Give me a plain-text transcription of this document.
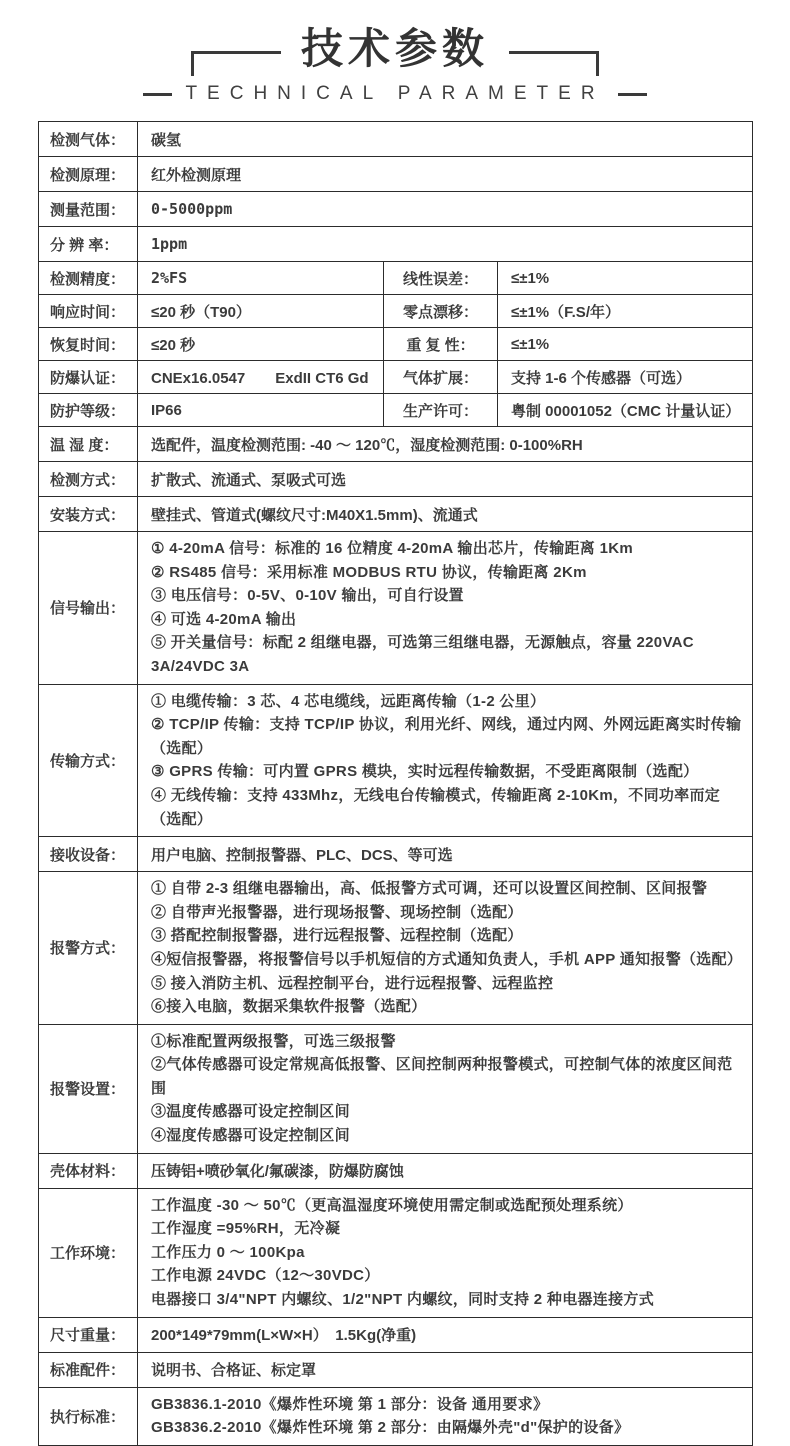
技术参数
TECHNICAL PARAMETER
检测气体：	碳氢		
检测原理：	红外检测原理		
测量范围：	0-5000ppm		
分 辨 率：	1ppm		
检测精度：	2%FS	线性误差：	≤±1%
响应时间：	≤20 秒（T90）	零点漂移：	≤±1%（F.S/年）
恢复时间：	≤20 秒	重 复 性：	≤±1%
防爆认证：	CNEx16.0547　　ExdII CT6 Gd	气体扩展：	支持 1-6 个传感器（可选）
防护等级：	IP66	生产许可：	粤制 00001052（CMC 计量认证）
温 湿 度：	选配件，温度检测范围: -40 ～ 120℃，湿度检测范围: 0-100%RH		
检测方式：	扩散式、流通式、泵吸式可选		
安装方式：	壁挂式、管道式(螺纹尺寸:M40X1.5mm)、流通式		
信号输出：	① 4-20mA 信号：标准的 16 位精度 4-20mA 输出芯片，传输距离 1Km
② RS485 信号：采用标准 MODBUS RTU 协议，传输距离 2Km
③ 电压信号：0-5V、0-10V 输出，可自行设置
④ 可选 4-20mA 输出
⑤ 开关量信号：标配 2 组继电器，可选第三组继电器，无源触点，容量 220VAC 3A/24VDC 3A		

传输方式：	① 电缆传输：3 芯、4 芯电缆线，远距离传输（1-2 公里）
② TCP/IP 传输：支持 TCP/IP 协议，利用光纤、网线，通过内网、外网远距离实时传输（选配）
③ GPRS 传输：可内置 GPRS 模块，实时远程传输数据，不受距离限制（选配）
④ 无线传输：支持 433Mhz，无线电台传输模式，传输距离 2-10Km，不同功率而定（选配）		

接收设备：	用户电脑、控制报警器、PLC、DCS、等可选		
报警方式：	
① 自带 2-3 组继电器输出，高、低报警方式可调，还可以设置区间控制、区间报警
② 自带声光报警器，进行现场报警、现场控制（选配）
③ 搭配控制报警器，进行远程报警、远程控制（选配）
④短信报警器，将报警信号以手机短信的方式通知负责人，手机 APP 通知报警（选配）
⑤ 接入消防主机、远程控制平台，进行远程报警、远程监控
⑥接入电脑，数据采集软件报警（选配）

报警设置：	①标准配置两级报警，可选三级报警
②气体传感器可设定常规高低报警、区间控制两种报警模式，可控制气体的浓度区间范围
③温度传感器可设定控制区间
④湿度传感器可设定控制区间		

壳体材料：	压铸铝+喷砂氧化/氟碳漆，防爆防腐蚀		
工作环境：	工作温度 -30 ～ 50℃（更高温湿度环境使用需定制或选配预处理系统）
工作湿度 =95%RH，无冷凝
工作压力 0 ～ 100Kpa
工作电源 24VDC（12～30VDC）
电器接口 3/4"NPT 内螺纹、1/2"NPT 内螺纹，同时支持 2 种电器连接方式		

尺寸重量：	200*149*79mm(L×W×H）　1.5Kg(净重)		
标准配件：	说明书、合格证、标定罩		
执行标准：	GB3836.1-2010《爆炸性环境 第 1 部分：设备 通用要求》
GB3836.2-2010《爆炸性环境 第 2 部分：由隔爆外壳"d"保护的设备》		
